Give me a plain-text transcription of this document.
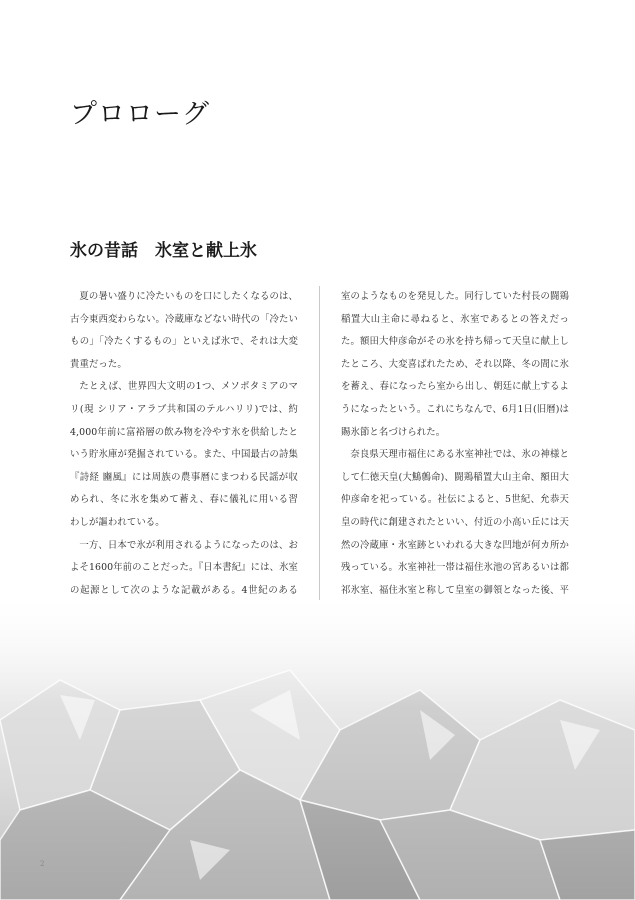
プロローグ
氷の昔話　氷室と献上氷

夏の暑い盛りに冷たいものを口にしたくなるのは、古今東西変わらない。冷蔵庫などない時代の「冷たいもの」「冷たくするもの」といえば氷で、それは大変貴重だった。

たとえば、世界四大文明の1つ、メソポタミアのマリ(現 シリア・アラブ共和国のテルハリリ)では、約4,000年前に富裕層の飲み物を冷やす氷を供給したという貯氷庫が発掘されている。また、中国最古の詩集『詩経 豳風』には周族の農事暦にまつわる民謡が収められ、冬に氷を集めて蓄え、春に儀礼に用いる習わしが謳われている。

一方、日本で氷が利用されるようになったのは、およそ1600年前のことだった。『日本書紀』には、氷室の起源として次のような記載がある。4世紀のある

室のようなものを発見した。同行していた村長の闘鶏稲置大山主命に尋ねると、氷室であるとの答えだった。額田大仲彦命がその氷を持ち帰って天皇に献上したところ、大変喜ばれたため、それ以降、冬の間に氷を蓄え、春になったら室から出し、朝廷に献上するようになったという。これにちなんで、6月1日(旧暦)は賜氷節と名づけられた。

奈良県天理市福住にある氷室神社では、氷の神様として仁徳天皇(大鷦鷯命)、闘鶏稲置大山主命、額田大仲彦命を祀っている。社伝によると、5世紀、允恭天皇の時代に創建されたといい、付近の小高い丘には天然の冷蔵庫・氷室跡といわれる大きな凹地が何カ所か残っている。氷室神社一帯は福住氷池の宮あるいは都祁氷室、福住氷室と称して皇室の御領となった後、平

2
